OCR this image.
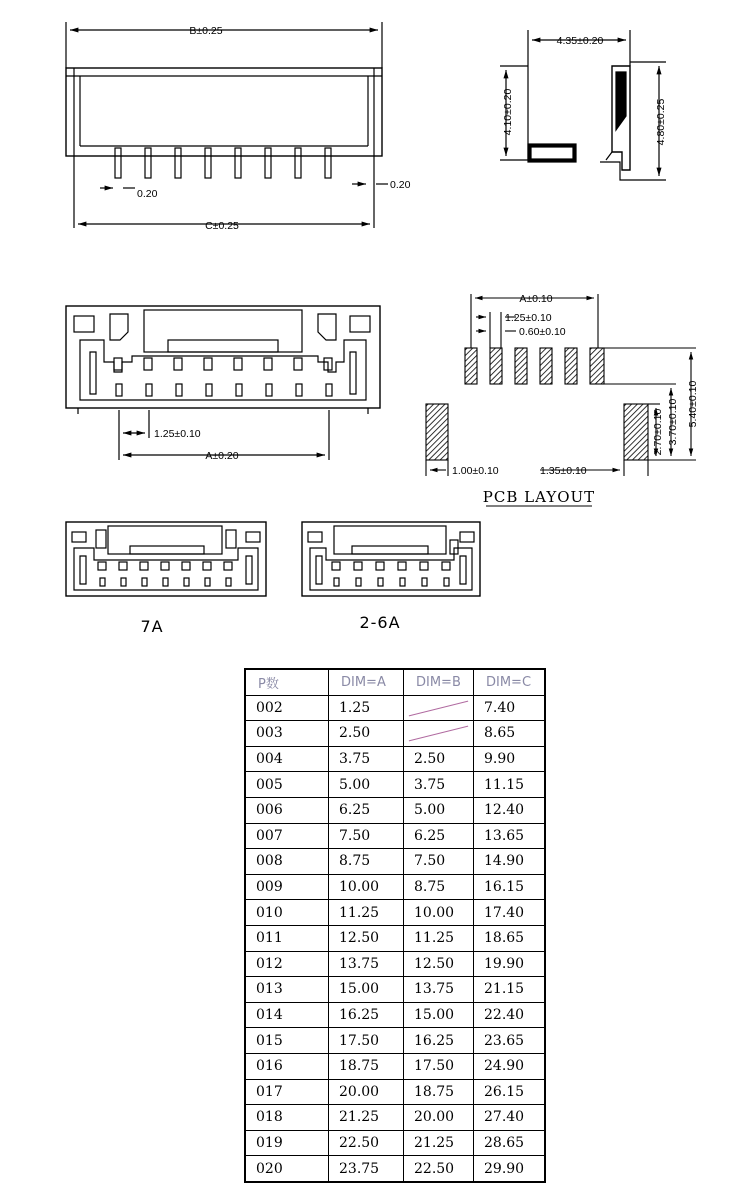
B±0.25
C±0.25
0.20
0.20
4.35±0.20
4.10±0.20	4.80±0.25
1.25±0.10
A±0.20
A±0.10
1.25±0.10
0.60±0.10
1.00±0.10	1.35±0.10
2.70±0.10 3.70±0.10 5.40±0.10
PCB LAYOUT
7A	2-6A
P数	DIM=A	DIM=B	DIM=C
002	1.25		7.40
003	2.50		8.65
004	3.75	2.50	9.90
005	5.00	3.75	11.15
006	6.25	5.00	12.40
007	7.50	6.25	13.65
008	8.75	7.50	14.90
009	10.00	8.75	16.15
010	11.25	10.00	17.40
011	12.50	11.25	18.65
012	13.75	12.50	19.90
013	15.00	13.75	21.15
014	16.25	15.00	22.40
015	17.50	16.25	23.65
016	18.75	17.50	24.90
017	20.00	18.75	26.15
018	21.25	20.00	27.40
019	22.50	21.25	28.65
020	23.75	22.50	29.90
